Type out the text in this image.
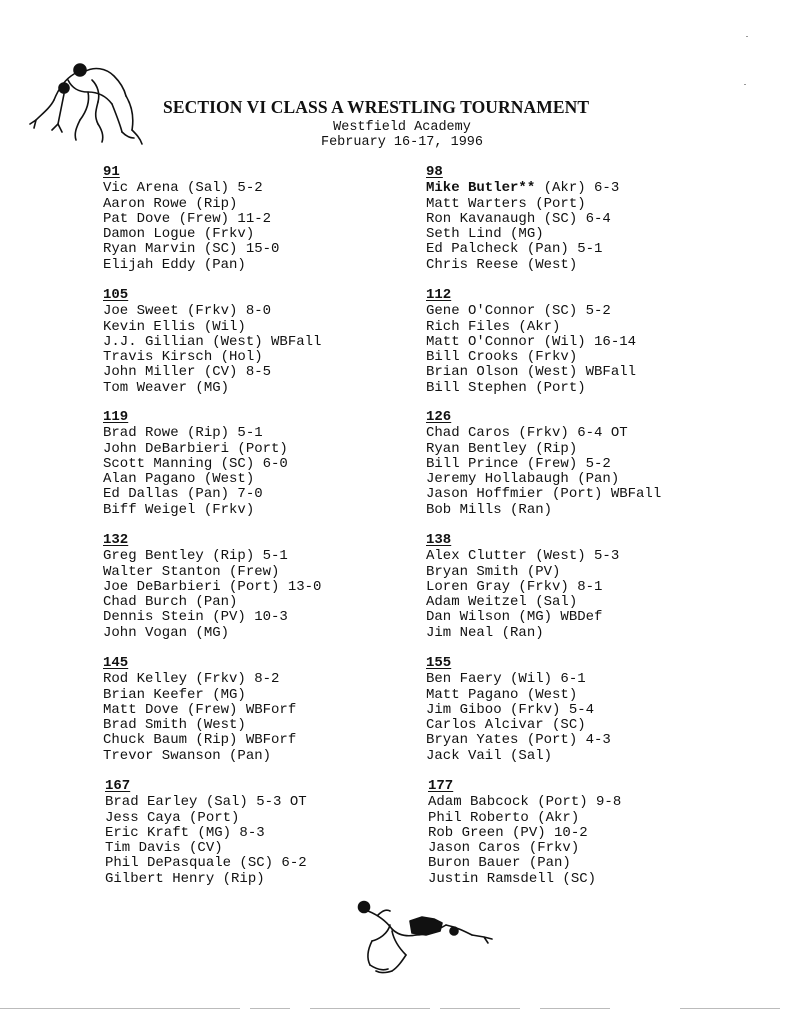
SECTION VI CLASS A WRESTLING TOURNAMENT
Westfield Academy
February 16-17, 1996
91
Vic Arena (Sal) 5-2
Aaron Rowe (Rip)
Pat Dove (Frew) 11-2
Damon Logue (Frkv)
Ryan Marvin (SC) 15-0
Elijah Eddy (Pan)
105
Joe Sweet (Frkv) 8-0
Kevin Ellis (Wil)
J.J. Gillian (West) WBFall
Travis Kirsch (Hol)
John Miller (CV) 8-5
Tom Weaver (MG)
119
Brad Rowe (Rip) 5-1
John DeBarbieri (Port)
Scott Manning (SC) 6-0
Alan Pagano (West)
Ed Dallas (Pan) 7-0
Biff Weigel (Frkv)
132
Greg Bentley (Rip) 5-1
Walter Stanton (Frew)
Joe DeBarbieri (Port) 13-0
Chad Burch (Pan)
Dennis Stein (PV) 10-3
John Vogan (MG)
145
Rod Kelley (Frkv) 8-2
Brian Keefer (MG)
Matt Dove (Frew) WBForf
Brad Smith (West)
Chuck Baum (Rip) WBForf
Trevor Swanson (Pan)
167
Brad Earley (Sal) 5-3 OT
Jess Caya (Port)
Eric Kraft (MG) 8-3
Tim Davis (CV)
Phil DePasquale (SC) 6-2
Gilbert Henry (Rip)
98
Mike Butler** (Akr) 6-3
Matt Warters (Port)
Ron Kavanaugh (SC) 6-4
Seth Lind (MG)
Ed Palcheck (Pan) 5-1
Chris Reese (West)
112
Gene O'Connor (SC) 5-2
Rich Files (Akr)
Matt O'Connor (Wil) 16-14
Bill Crooks (Frkv)
Brian Olson (West) WBFall
Bill Stephen (Port)
126
Chad Caros (Frkv) 6-4 OT
Ryan Bentley (Rip)
Bill Prince (Frew) 5-2
Jeremy Hollabaugh (Pan)
Jason Hoffmier (Port) WBFall
Bob Mills (Ran)
138
Alex Clutter (West) 5-3
Bryan Smith (PV)
Loren Gray (Frkv) 8-1
Adam Weitzel (Sal)
Dan Wilson (MG) WBDef
Jim Neal (Ran)
155
Ben Faery (Wil) 6-1
Matt Pagano (West)
Jim Giboo (Frkv) 5-4
Carlos Alcivar (SC)
Bryan Yates (Port) 4-3
Jack Vail (Sal)
177
Adam Babcock (Port) 9-8
Phil Roberto (Akr)
Rob Green (PV) 10-2
Jason Caros (Frkv)
Buron Bauer (Pan)
Justin Ramsdell (SC)
